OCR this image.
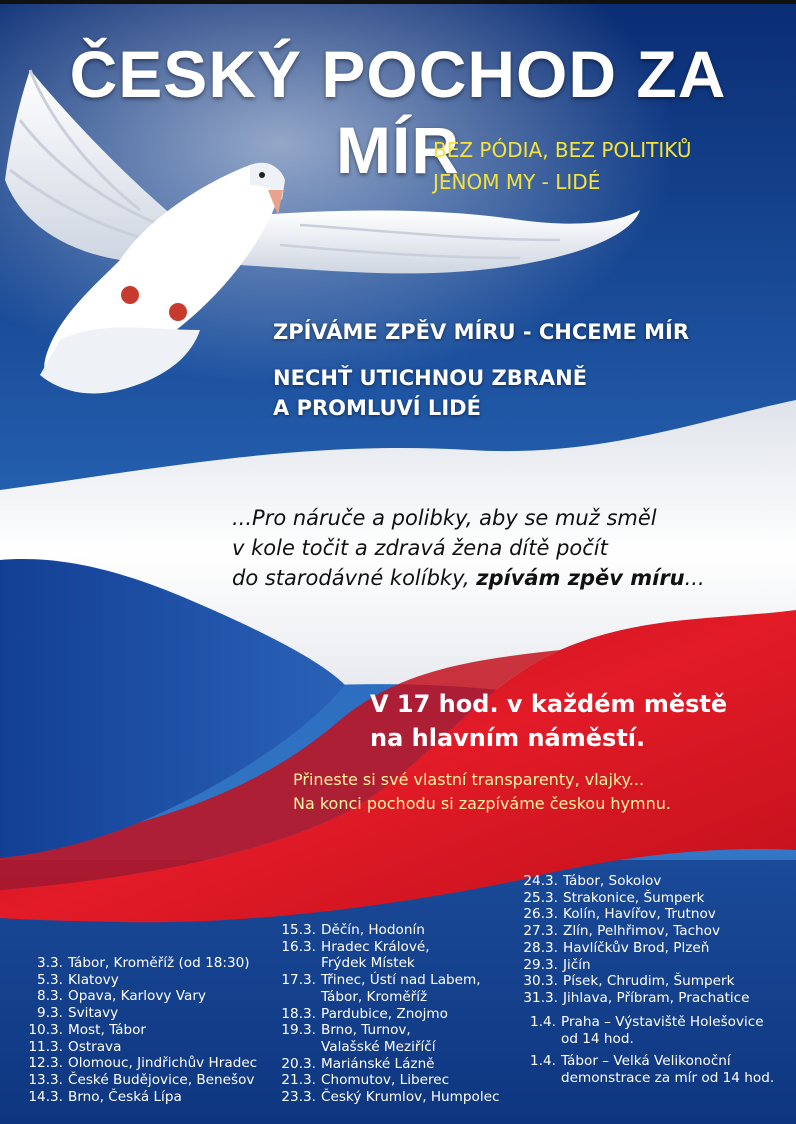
ČESKÝ POCHOD ZA MÍR

BEZ PÓDIA, BEZ POLITIKŮ

JENOM MY - LIDÉ

ZPÍVÁME ZPĚV MÍRU - CHCEME MÍR

NECHŤ UTICHNOU ZBRANĚ

A PROMLUVÍ LIDÉ

...Pro náruče a polibky, aby se muž směl

v kole točit a zdravá žena dítě počít

do starodávné kolíbky, zpívám zpěv míru...

V 17 hod. v každém městě

na hlavním náměstí.

Přineste si své vlastní transparenty, vlajky...

Na konci pochodu si zazpíváme českou hymnu.

3.3. Tábor, Kroměříž (od 18:30)
5.3. Klatovy
8.3. Opava, Karlovy Vary
9.3. Svitavy
10.3. Most, Tábor
11.3. Ostrava
12.3. Olomouc, Jindřichův Hradec
13.3. České Budějovice, Benešov
14.3. Brno, Česká Lípa
15.3. Děčín, Hodonín
16.3. Hradec Králové,
Frýdek Místek
17.3. Třinec, Ústí nad Labem,
Tábor, Kroměříž
18.3. Pardubice, Znojmo
19.3. Brno, Turnov,
Valašské Meziříčí
20.3. Mariánské Lázně
21.3. Chomutov, Liberec
23.3. Český Krumlov, Humpolec
24.3. Tábor, Sokolov
25.3. Strakonice, Šumperk
26.3. Kolín, Havířov, Trutnov
27.3. Zlín, Pelhřimov, Tachov
28.3. Havlíčkův Brod, Plzeň
29.3. Jičín
30.3. Písek, Chrudim, Šumperk
31.3. Jihlava, Příbram, Prachatice
1.4. Praha – Výstaviště Holešovice
od 14 hod.
1.4. Tábor – Velká Velikonoční
demonstrace za mír od 14 hod.
